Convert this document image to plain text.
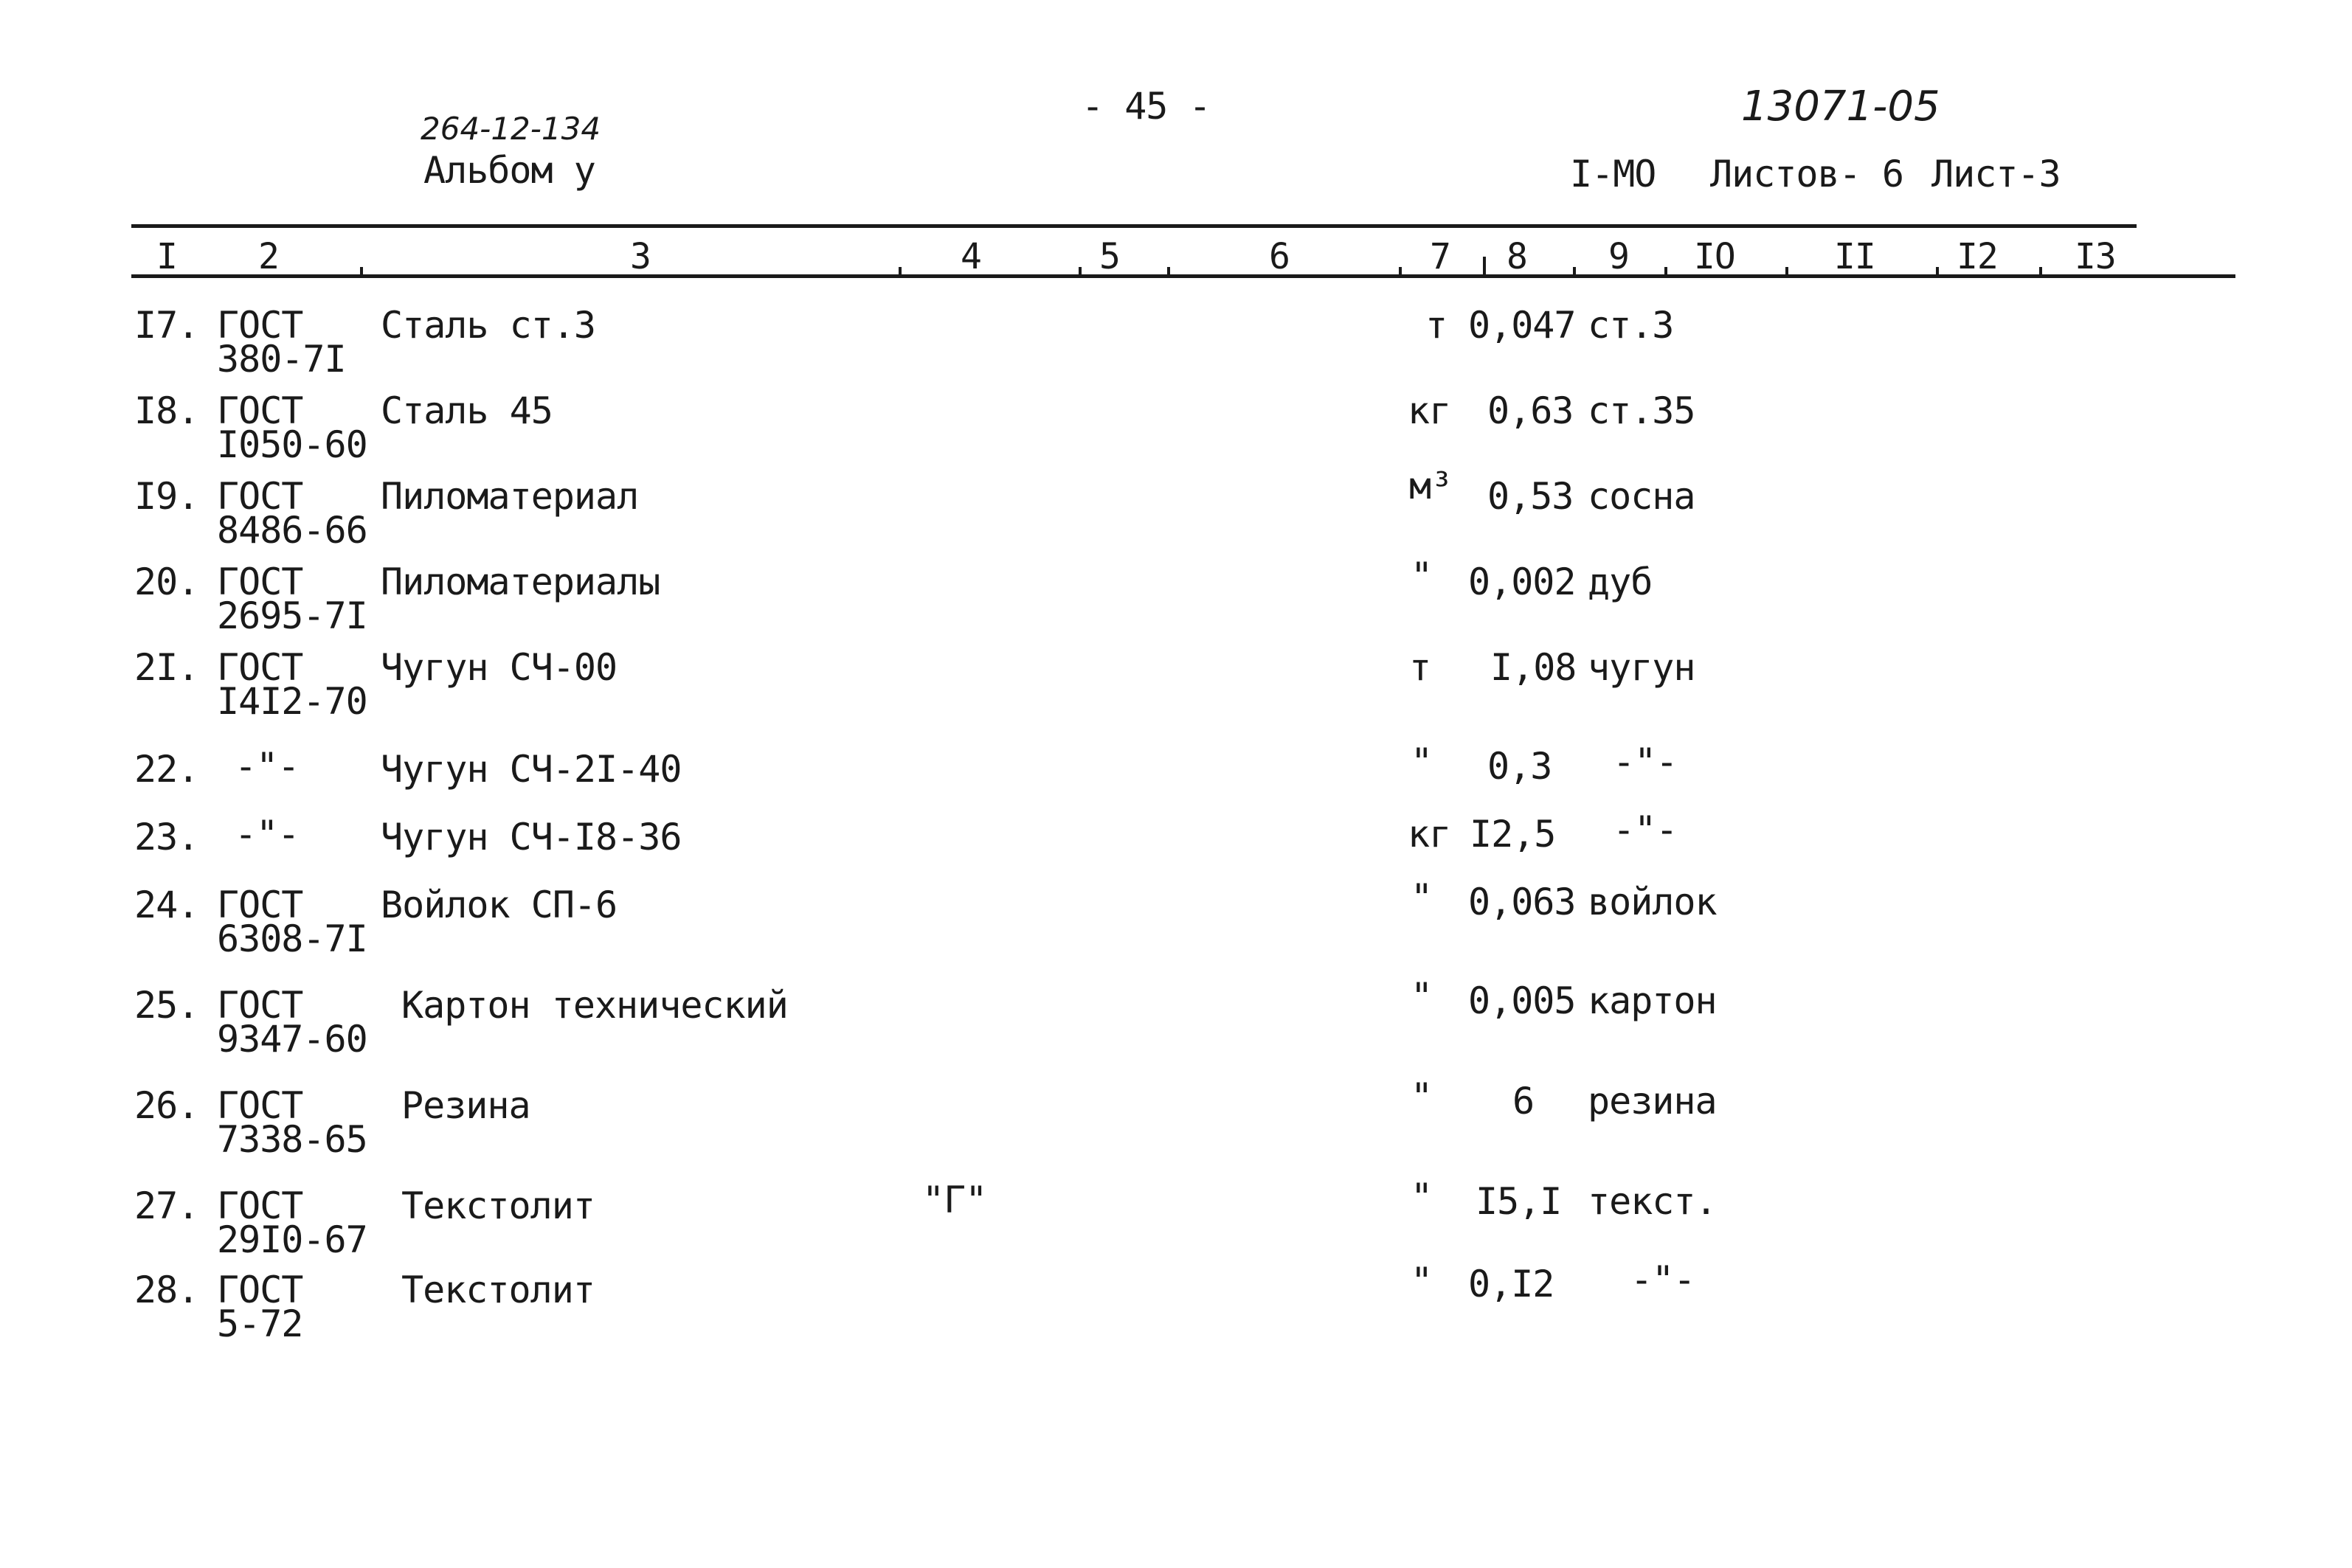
264-12-134
Альбом у
- 45 -	13071-05
I-MO Листов- 6 Лист-3
I 2	3	4	5	6	7 8 9 IO	II I2 I3
I7. ГОСТ
380-7I
Сталь ст.3	т 0,047 ст.3
I8. ГОСТ
I050-60
Сталь 45	кг 0,63 ст.35
I9. ГОСТ
8486-66
Пиломатериал	м³ 0,53 сосна
20. ГОСТ
2695-7I
Пиломатериалы	" 0,002 дуб
2I. ГОСТ
I4I2-70
Чугун СЧ-00	т I,08 чугун
22. -"- Чугун СЧ-2I-40	" 0,3 -"-
23. -"- Чугун СЧ-I8-36	кг I2,5 -"-
24. ГОСТ
6308-7I
Войлок СП-6	" 0,063 войлок
25. ГОСТ
9347-60
Картон технический	" 0,005 картон
26. ГОСТ
7338-65
Резина	" 6 резина
27. ГОСТ
29I0-67
Текстолит	"Г"	" I5,I текст.
28. ГОСТ
5-72
Текстолит	" 0,I2 -"-
